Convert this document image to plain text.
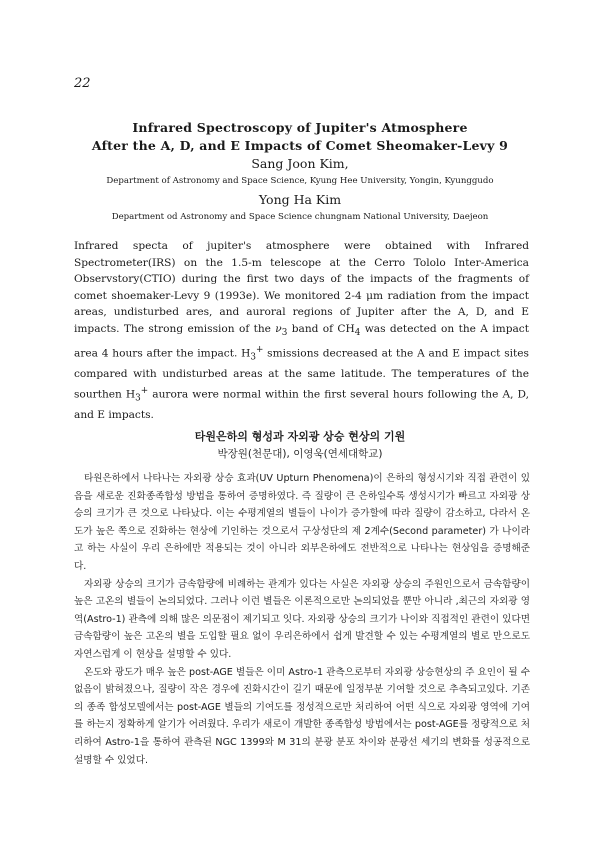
22
Infrared Spectroscopy of Jupiter's Atmosphere
After the A, D, and E Impacts of Comet Sheomaker-Levy 9
Sang Joon Kim,
Department of Astronomy and Space Science, Kyung Hee University, Yongin, Kyunggudo
Yong Ha Kim
Department od Astronomy and Space Science chungnam National University, Daejeon

Infrared specta of jupiter's atmosphere were obtained with Infrared Spectrometer(IRS) on the 1.5-m telescope at the Cerro Tololo Inter-America Observstory(CTIO) during the first two days of the impacts of the fragments of comet shoemaker-Levy 9 (1993e). We monitored 2-4 μm radiation from the impact areas, undisturbed ares, and auroral regions of Jupiter after the A, D, and E impacts. The strong emission of the $\nu_3$ band of $CH_4$ was detected on the A impact area 4 hours after the impact. $H_3^+$ smissions decreased at the A and E impact sites compared with undisturbed areas at the same latitude. The temperatures of the sourthen $H_3^+$ aurora were normal within the first several hours following the A, D, and E impacts.

타원은하의 형성과 자외광 상승 현상의 기원
박장원(천문대), 이영욱(연세대학교)

타원은하에서 나타나는 자외광 상승 효과(UV Upturn Phenomena)이 은하의 형성시기와 직접 관련이 있음을 새로운 진화종족합성 방법을 통하여 증명하였다. 즉 질량이 큰 은하일수록 생성시기가 빠르고 자외광 상승의 크기가 큰 것으로 나타났다. 이는 수평계열의 별들이 나이가 증가할에 따라 질량이 감소하고, 다라서 온도가 높은 쪽으로 진화하는 현상에 기인하는 것으로서 구상성단의 제 2계수(Second parameter) 가 나이라고 하는 사실이 우리 은하에만 적용되는 것이 아니라 외부은하에도 전반적으로 나타나는 현상임을 증명해준다.

자외광 상승의 크기가 금속함량에 비례하는 관계가 있다는 사실은 자외광 상승의 주원인으로서 금속함량이 높은 고온의 별들이 논의되었다. 그러나 이런 별들은 이론적으로만 논의되었을 뿐만 아니라 ,최근의 자외광 영역(Astro-1) 관측에 의해 많은 의문점이 제기되고 잇다. 자외광 상승의 크기가 나이와 직접적인 관련이 있다면 금속함량이 높은 고온의 별을 도입할 필요 없이 우리은하에서 쉽게 발견할 수 있는 수평계열의 별로 만으로도 자연스럽게 이 현상을 설명할 수 있다.

온도와 광도가 매우 높은 post-AGE 별들은 이미 Astro-1 관측으로부터 자외광 상승현상의 주 요인이 될 수 없음이 밝혀졌으나, 질량이 작은 경우에 진화시간이 길기 때문에 일정부분 기여할 것으로 추측되고있다. 기존의 종족 합성모델에서는 post-AGE 별들의 기여도를 정성적으로만 처리하여 어떤 식으로 자외광 영역에 기여를 하는지 정확하게 알기가 어려웠다. 우리가 새로이 개발한 종족합성 방법에서는 post-AGE를 정량적으로 처리하여 Astro-1을 통하여 관측된 NGC 1399와 M 31의 분광 분포 차이와 분광선 세기의 변화를 성공적으로 설명할 수 있었다.
